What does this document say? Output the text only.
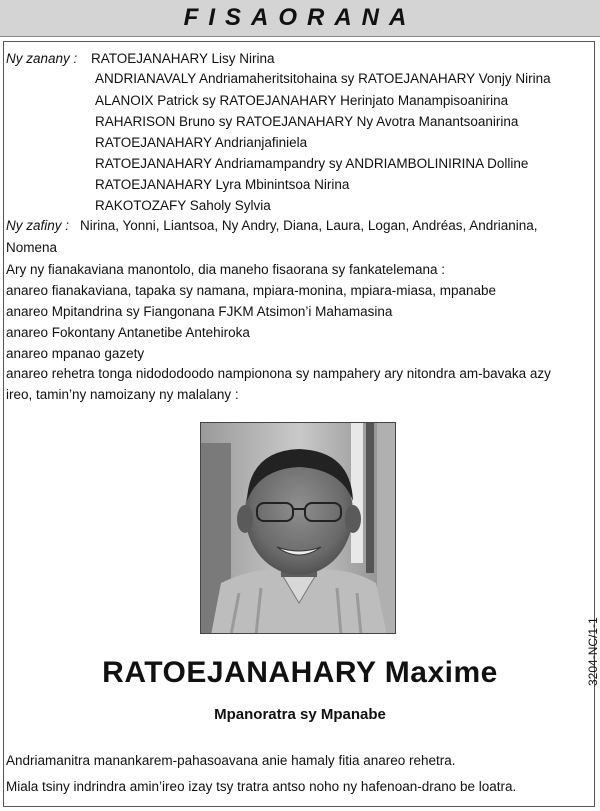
FISAORANA
Ny zanany : RATOEJANAHARY Lisy Nirina
ANDRIANAVALY Andriamaheritsitohaina sy RATOEJANAHARY Vonjy Nirina
ALANOIX Patrick sy RATOEJANAHARY Herinjato Manampisoanirina
RAHARISON Bruno sy RATOEJANAHARY Ny Avotra Manantsoanirina
RATOEJANAHARY Andrianjafiniela
RATOEJANAHARY Andriamampandry sy ANDRIAMBOLINIRINA Dolline
RATOEJANAHARY Lyra Mbinintsoa Nirina
RAKOTOZAFY Saholy Sylvia
Ny zafiny : Nirina, Yonni, Liantsoa, Ny Andry, Diana, Laura, Logan, Andréas, Andrianina,
Nomena
Ary ny fianakaviana manontolo, dia maneho fisaorana sy fankatelemana :
anareo fianakaviana, tapaka sy namana, mpiara-monina, mpiara-miasa, mpanabe
anareo Mpitandrina sy Fiangonana FJKM Atsimon’i Mahamasina
anareo Fokontany Antanetibe Antehiroka
anareo mpanao gazety
anareo rehetra tonga nidododoodo nampionona sy nampahery ary nitondra am-bavaka azy
ireo, tamin’ny namoizany ny malalany :
RATOEJANAHARY Maxime
Mpanoratra sy Mpanabe
3204-NC/1-1
Andriamanitra manankarem-pahasoavana anie hamaly fitia anareo rehetra.
Miala tsiny indrindra amin’ireo izay tsy tratra antso noho ny hafenoan-drano be loatra.
